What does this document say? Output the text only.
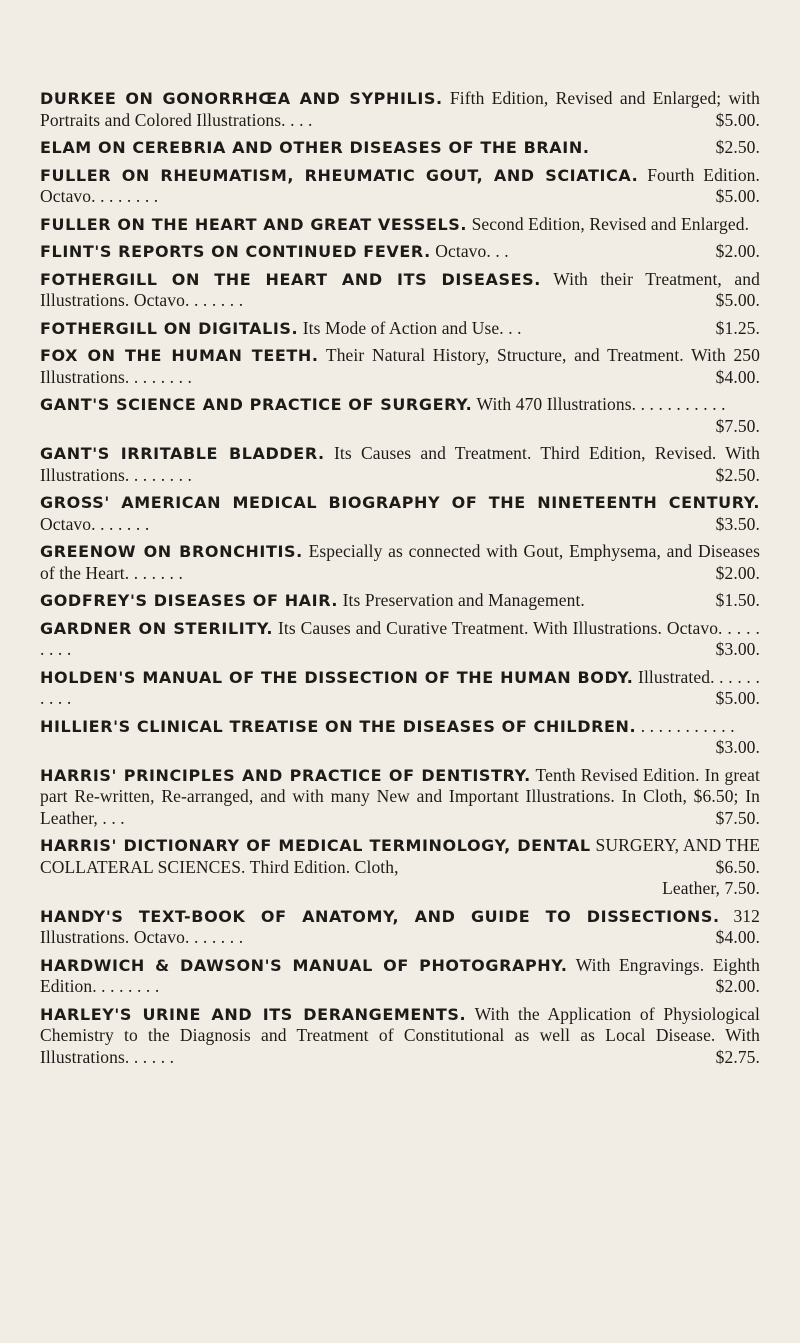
DURKEE ON GONORRHŒA AND SYPHILIS. Fifth Edition, Revised and Enlarged; with Portraits and Colored Illustrations. . . .	$5.00.

ELAM ON CEREBRIA AND OTHER DISEASES OF THE BRAIN.	$2.50.

FULLER ON RHEUMATISM, RHEUMATIC GOUT, AND SCIATICA. Fourth Edition. Octavo. . . . . . . .	$5.00.

FULLER ON THE HEART AND GREAT VESSELS. Second Edition, Revised and Enlarged.

FLINT'S REPORTS ON CONTINUED FEVER. Octavo. . .	$2.00.

FOTHERGILL ON THE HEART AND ITS DISEASES. With their Treatment, and Illustrations. Octavo. . . . . . .	$5.00.

FOTHERGILL ON DIGITALIS. Its Mode of Action and Use. . .	$1.25.

FOX ON THE HUMAN TEETH. Their Natural History, Structure, and Treatment. With 250 Illustrations. . . . . . . .	$4.00.

GANT'S SCIENCE AND PRACTICE OF SURGERY. With 470 Illustrations. . . . . . . . . . .
$7.50.

GANT'S IRRITABLE BLADDER. Its Causes and Treatment. Third Edition, Revised. With Illustrations. . . . . . . .	$2.50.

GROSS' AMERICAN MEDICAL BIOGRAPHY OF THE NINETEENTH CENTURY. Octavo. . . . . . .	$3.50.

GREENOW ON BRONCHITIS. Especially as connected with Gout, Emphysema, and Diseases of the Heart. . . . . . .	$2.00.

GODFREY'S DISEASES OF HAIR. Its Preservation and Management.	$1.50.

GARDNER ON STERILITY. Its Causes and Curative Treatment. With Illustrations. Octavo. . . . . . . . .	$3.00.

HOLDEN'S MANUAL OF THE DISSECTION OF THE HUMAN BODY. Illustrated. . . . . . . . . .	$5.00.

HILLIER'S CLINICAL TREATISE ON THE DISEASES OF CHILDREN. . . . . . . . . . . .
$3.00.

HARRIS' PRINCIPLES AND PRACTICE OF DENTISTRY. Tenth Revised Edition. In great part Re-written, Re-arranged, and with many New and Important Illustrations. In Cloth, $6.50; In Leather, . . .	$7.50.

HARRIS' DICTIONARY OF MEDICAL TERMINOLOGY, DENTAL SURGERY, AND THE COLLATERAL SCIENCES. Third Edition. Cloth,	$6.50.
Leather, 7.50.

HANDY'S TEXT-BOOK OF ANATOMY, AND GUIDE TO DISSECTIONS. 312 Illustrations. Octavo. . . . . . .	$4.00.

HARDWICH & DAWSON'S MANUAL OF PHOTOGRAPHY. With Engravings. Eighth Edition. . . . . . . .	$2.00.

HARLEY'S URINE AND ITS DERANGEMENTS. With the Application of Physiological Chemistry to the Diagnosis and Treatment of Constitutional as well as Local Disease. With Illustrations. . . . . .	$2.75.
